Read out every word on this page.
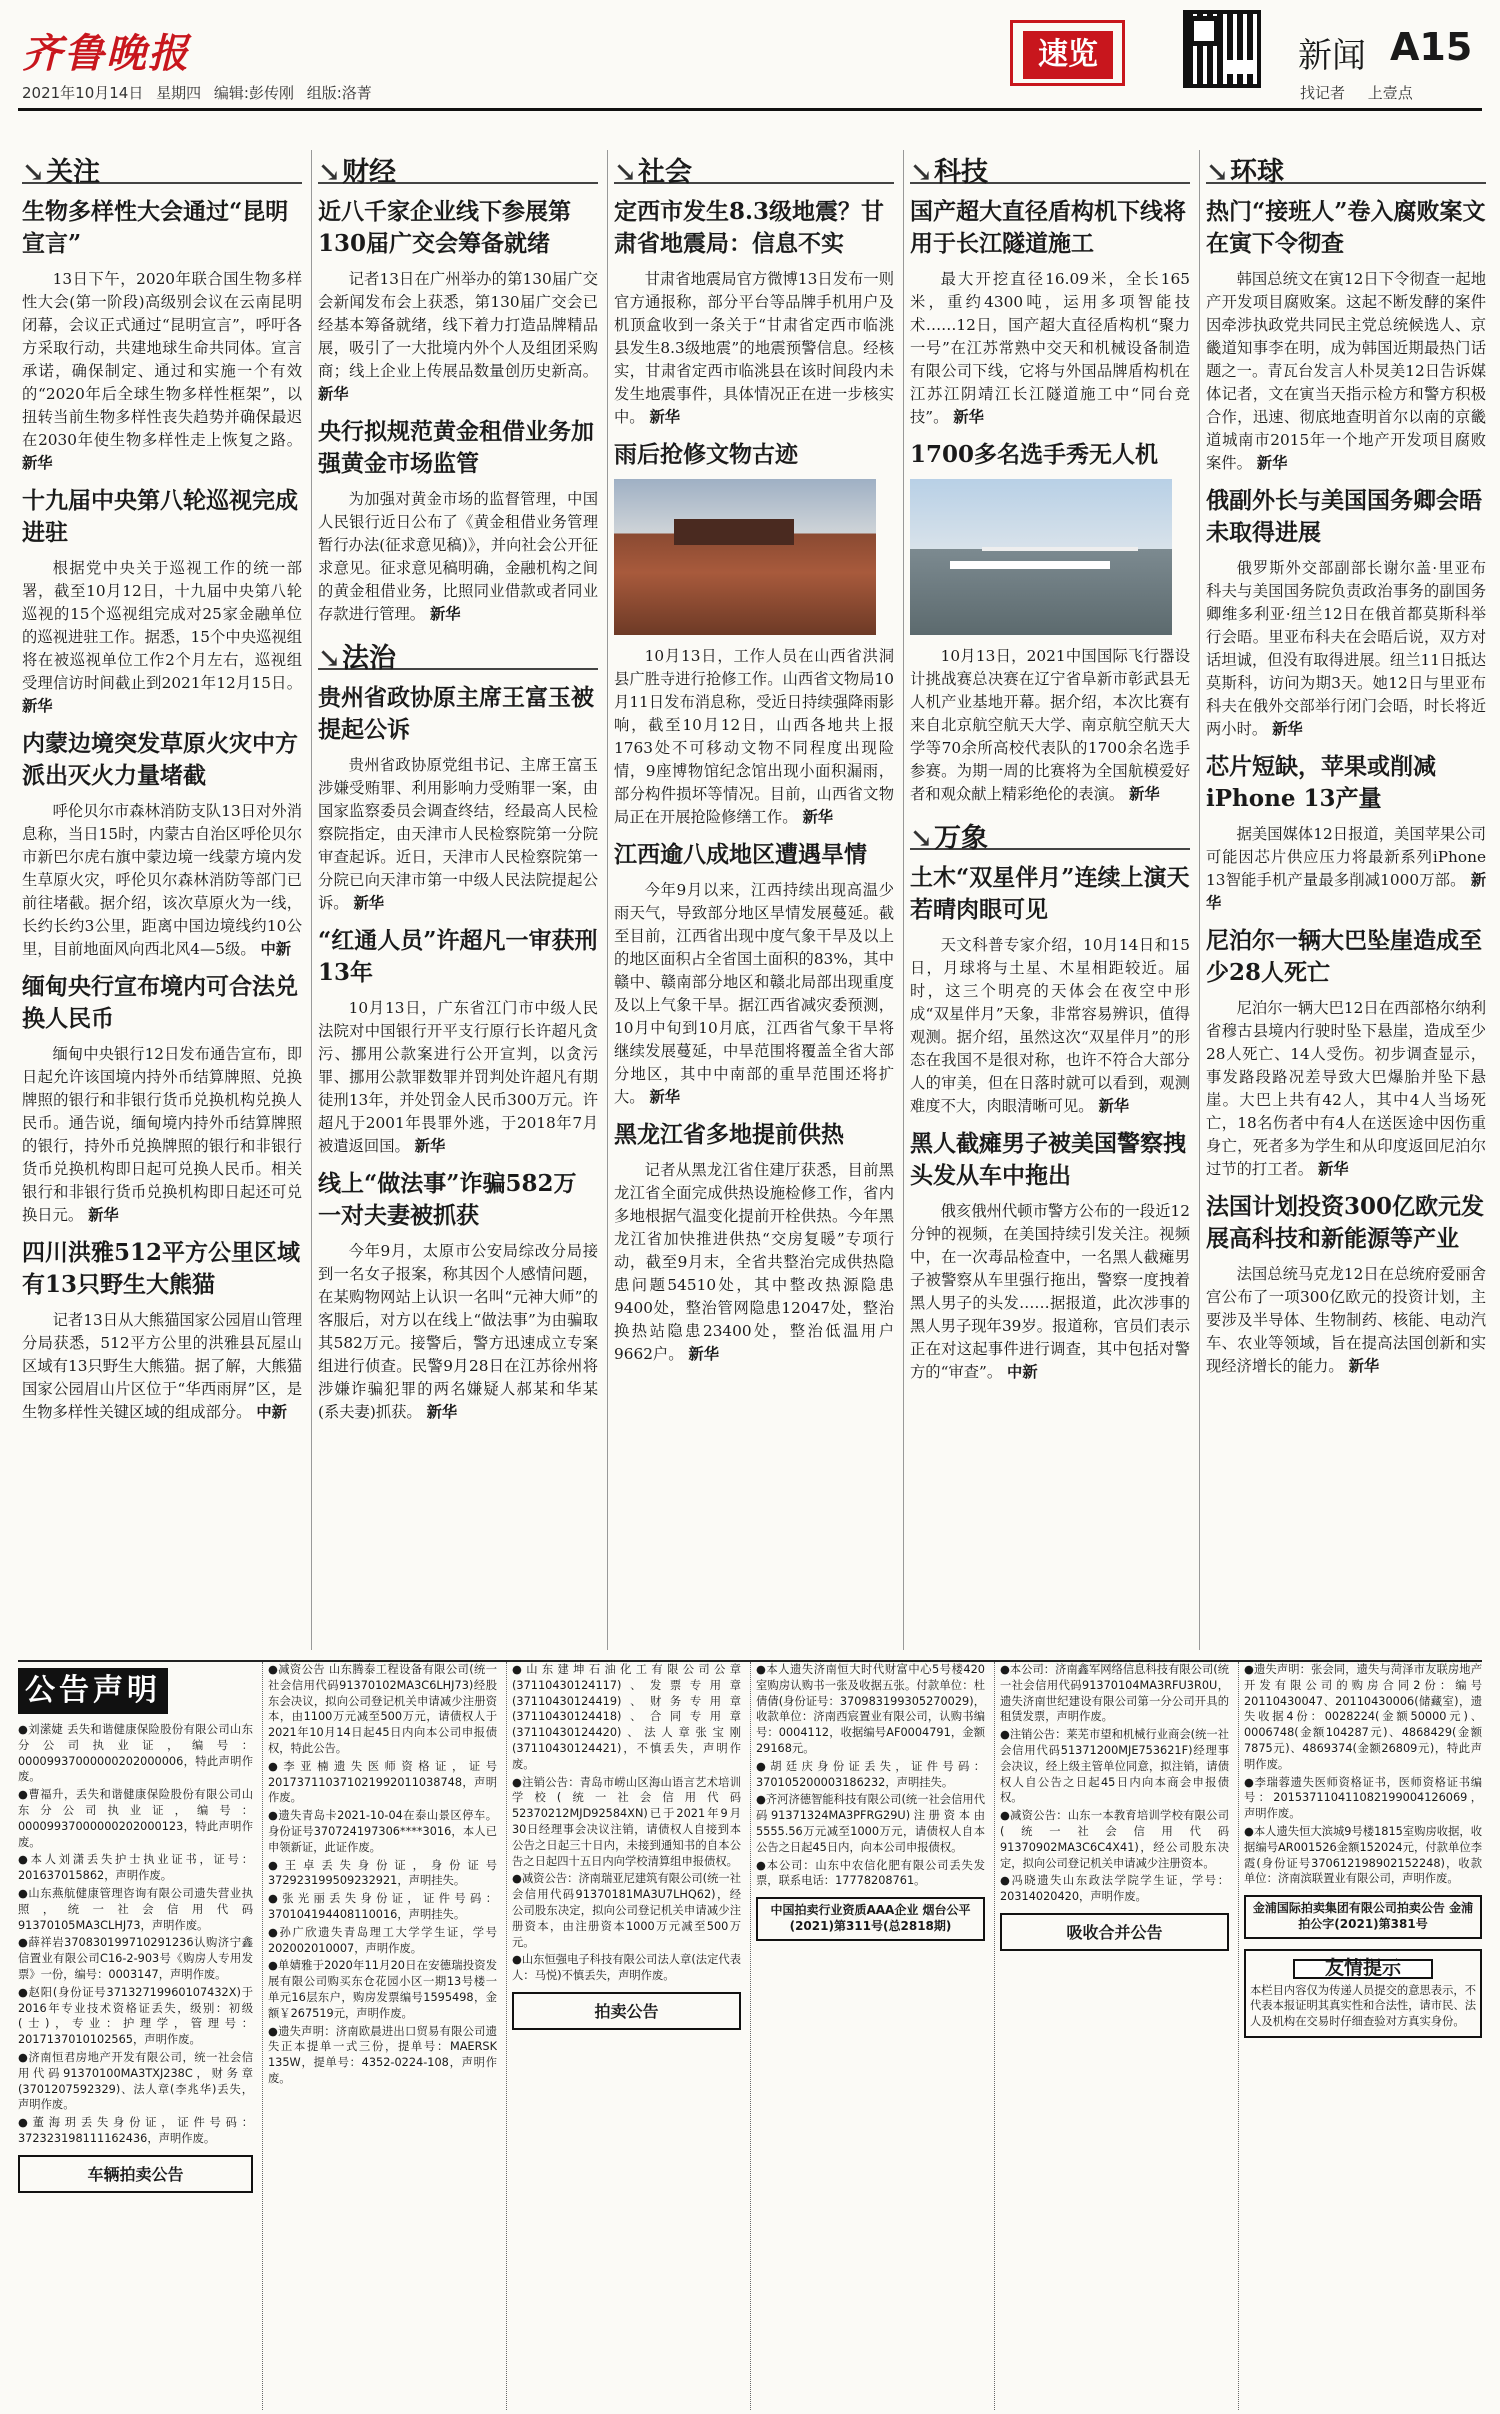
齐鲁晚报
2021年10月14日 星期四 编辑:彭传刚 组版:洛菁
速览	新闻 A15
找记者 上壹点
↘关注
生物多样性大会通过“昆明宣言”
13日下午，2020年联合国生物多样性大会(第一阶段)高级别会议在云南昆明闭幕，会议正式通过“昆明宣言”，呼吁各方采取行动，共建地球生命共同体。宣言承诺，确保制定、通过和实施一个有效的“2020年后全球生物多样性框架”，以扭转当前生物多样性丧失趋势并确保最迟在2030年使生物多样性走上恢复之路。 新华
十九届中央第八轮巡视完成进驻
根据党中央关于巡视工作的统一部署，截至10月12日，十九届中央第八轮巡视的15个巡视组完成对25家金融单位的巡视进驻工作。据悉，15个中央巡视组将在被巡视单位工作2个月左右，巡视组受理信访时间截止到2021年12月15日。 新华
内蒙边境突发草原火灾中方派出灭火力量堵截
呼伦贝尔市森林消防支队13日对外消息称，当日15时，内蒙古自治区呼伦贝尔市新巴尔虎右旗中蒙边境一线蒙方境内发生草原火灾，呼伦贝尔森林消防等部门已前往堵截。据介绍，该次草原火为一线，长约长约3公里，距离中国边境线约10公里，目前地面风向西北风4—5级。 中新
缅甸央行宣布境内可合法兑换人民币
缅甸中央银行12日发布通告宣布，即日起允许该国境内持外币结算牌照、兑换牌照的银行和非银行货币兑换机构兑换人民币。通告说，缅甸境内持外币结算牌照的银行，持外币兑换牌照的银行和非银行货币兑换机构即日起可兑换人民币。相关银行和非银行货币兑换机构即日起还可兑换日元。 新华
四川洪雅512平方公里区域有13只野生大熊猫
记者13日从大熊猫国家公园眉山管理分局获悉，512平方公里的洪雅县瓦屋山区域有13只野生大熊猫。据了解，大熊猫国家公园眉山片区位于“华西雨屏”区，是生物多样性关键区域的组成部分。 中新
↘财经
近八千家企业线下参展第130届广交会筹备就绪
记者13日在广州举办的第130届广交会新闻发布会上获悉，第130届广交会已经基本筹备就绪，线下着力打造品牌精品展，吸引了一大批境内外个人及组团采购商；线上企业上传展品数量创历史新高。 新华
央行拟规范黄金租借业务加强黄金市场监管
为加强对黄金市场的监督管理，中国人民银行近日公布了《黄金租借业务管理暂行办法(征求意见稿)》，并向社会公开征求意见。征求意见稿明确，金融机构之间的黄金租借业务，比照同业借款或者同业存款进行管理。 新华
↘法治
贵州省政协原主席王富玉被提起公诉
贵州省政协原党组书记、主席王富玉涉嫌受贿罪、利用影响力受贿罪一案，由国家监察委员会调查终结，经最高人民检察院指定，由天津市人民检察院第一分院审查起诉。近日，天津市人民检察院第一分院已向天津市第一中级人民法院提起公诉。 新华
“红通人员”许超凡一审获刑13年
10月13日，广东省江门市中级人民法院对中国银行开平支行原行长许超凡贪污、挪用公款案进行公开宣判，以贪污罪、挪用公款罪数罪并罚判处许超凡有期徒刑13年，并处罚金人民币300万元。许超凡于2001年畏罪外逃，于2018年7月被遣返回国。 新华
线上“做法事”诈骗582万一对夫妻被抓获
今年9月，太原市公安局综改分局接到一名女子报案，称其因个人感情问题，在某购物网站上认识一名叫“元神大师”的客服后，对方以在线上“做法事”为由骗取其582万元。接警后，警方迅速成立专案组进行侦查。民警9月28日在江苏徐州将涉嫌诈骗犯罪的两名嫌疑人郝某和华某(系夫妻)抓获。 新华
↘社会
定西市发生8.3级地震？甘肃省地震局：信息不实
甘肃省地震局官方微博13日发布一则官方通报称，部分平台等品牌手机用户及机顶盒收到一条关于“甘肃省定西市临洮县发生8.3级地震”的地震预警信息。经核实，甘肃省定西市临洮县在该时间段内未发生地震事件，具体情况正在进一步核实中。 新华
雨后抢修文物古迹
10月13日，工作人员在山西省洪洞县广胜寺进行抢修工作。山西省文物局10月11日发布消息称，受近日持续强降雨影响，截至10月12日，山西各地共上报1763处不可移动文物不同程度出现险情，9座博物馆纪念馆出现小面积漏雨，部分构件损坏等情况。目前，山西省文物局正在开展抢险修缮工作。 新华
江西逾八成地区遭遇旱情
今年9月以来，江西持续出现高温少雨天气，导致部分地区旱情发展蔓延。截至目前，江西省出现中度气象干旱及以上的地区面积占全省国土面积的83%，其中赣中、赣南部分地区和赣北局部出现重度及以上气象干旱。据江西省减灾委预测，10月中旬到10月底，江西省气象干旱将继续发展蔓延，中旱范围将覆盖全省大部分地区，其中中南部的重旱范围还将扩大。 新华
黑龙江省多地提前供热
记者从黑龙江省住建厅获悉，目前黑龙江省全面完成供热设施检修工作，省内多地根据气温变化提前开栓供热。今年黑龙江省加快推进供热“交房复暖”专项行动，截至9月末，全省共整治完成供热隐患问题54510处，其中整改热源隐患9400处，整治管网隐患12047处，整治换热站隐患23400处，整治低温用户9662户。 新华
↘科技
国产超大直径盾构机下线将用于长江隧道施工
最大开挖直径16.09米，全长165米，重约4300吨，运用多项智能技术……12日，国产超大直径盾构机“聚力一号”在江苏常熟中交天和机械设备制造有限公司下线，它将与外国品牌盾构机在江苏江阴靖江长江隧道施工中“同台竞技”。 新华
1700多名选手秀无人机
10月13日，2021中国国际飞行器设计挑战赛总决赛在辽宁省阜新市彰武县无人机产业基地开幕。据介绍，本次比赛有来自北京航空航天大学、南京航空航天大学等70余所高校代表队的1700余名选手参赛。为期一周的比赛将为全国航模爱好者和观众献上精彩绝伦的表演。 新华
↘万象
土木“双星伴月”连续上演天若晴肉眼可见
天文科普专家介绍，10月14日和15日，月球将与土星、木星相距较近。届时，这三个明亮的天体会在夜空中形成“双星伴月”天象，非常容易辨识，值得观测。据介绍，虽然这次“双星伴月”的形态在我国不是很对称，也许不符合大部分人的审美，但在日落时就可以看到，观测难度不大，肉眼清晰可见。 新华
黑人截瘫男子被美国警察拽头发从车中拖出
俄亥俄州代顿市警方公布的一段近12分钟的视频，在美国持续引发关注。视频中，在一次毒品检查中，一名黑人截瘫男子被警察从车里强行拖出，警察一度拽着黑人男子的头发……据报道，此次涉事的黑人男子现年39岁。报道称，官员们表示正在对这起事件进行调查，其中包括对警方的“审查”。 中新
↘环球
热门“接班人”卷入腐败案文在寅下令彻查
韩国总统文在寅12日下令彻查一起地产开发项目腐败案。这起不断发酵的案件因牵涉执政党共同民主党总统候选人、京畿道知事李在明，成为韩国近期最热门话题之一。青瓦台发言人朴炅美12日告诉媒体记者，文在寅当天指示检方和警方积极合作，迅速、彻底地查明首尔以南的京畿道城南市2015年一个地产开发项目腐败案件。 新华
俄副外长与美国国务卿会晤未取得进展
俄罗斯外交部副部长谢尔盖·里亚布科夫与美国国务院负责政治事务的副国务卿维多利亚·纽兰12日在俄首都莫斯科举行会晤。里亚布科夫在会晤后说，双方对话坦诚，但没有取得进展。纽兰11日抵达莫斯科，访问为期3天。她12日与里亚布科夫在俄外交部举行闭门会晤，时长将近两小时。 新华
芯片短缺，苹果或削减iPhone 13产量
据美国媒体12日报道，美国苹果公司可能因芯片供应压力将最新系列iPhone 13智能手机产量最多削减1000万部。 新华
尼泊尔一辆大巴坠崖造成至少28人死亡
尼泊尔一辆大巴12日在西部格尔纳利省穆古县境内行驶时坠下悬崖，造成至少28人死亡、14人受伤。初步调查显示，事发路段路况差导致大巴爆胎并坠下悬崖。大巴上共有42人，其中4人当场死亡，18名伤者中有4人在送医途中因伤重身亡，死者多为学生和从印度返回尼泊尔过节的打工者。 新华
法国计划投资300亿欧元发展高科技和新能源等产业
法国总统马克龙12日在总统府爱丽舍宫公布了一项300亿欧元的投资计划，主要涉及半导体、生物制药、核能、电动汽车、农业等领域，旨在提高法国创新和实现经济增长的能力。 新华
公告声明
●刘潆婕 丢失和谐健康保险股份有限公司山东分公司执业证，编号：00009937000000202000006，特此声明作废。
●曹福升，丢失和谐健康保险股份有限公司山东分公司执业证，编号：00009937000000202000123，特此声明作废。
●本人刘潇丢失护士执业证书，证号：201637015862，声明作废。
●山东燕航健康管理咨询有限公司遗失营业执照，统一社会信用代码91370105MA3CLHJ73，声明作废。
●薛祥岩370830199710291236认购济宁鑫信置业有限公司C16-2-903号《购房人专用发票》一份，编号：0003147，声明作废。
●赵阳(身份证号37132719960107432X)于2016年专业技术资格证丢失，级别：初级(士)，专业：护理学，管理号：2017137010102565，声明作废。
●济南恒君房地产开发有限公司，统一社会信用代码91370100MA3TXJ238C，财务章(3701207592329)、法人章(李兆华)丢失，声明作废。
●董海玥丢失身份证，证件号码：372323198111162436，声明作废。
车辆拍卖公告
●减资公告 山东腾泰工程设备有限公司(统一社会信用代码91370102MA3C6LHJ73)经股东会决议，拟向公司登记机关申请减少注册资本，由1100万元减至500万元，请债权人于2021年10月14日起45日内向本公司申报债权，特此公告。
●李亚楠遗失医师资格证，证号201737110371021992011038748，声明作废。
●遗失青岛卡2021-10-04在泰山景区停车。身份证号370724197306****3016，本人已申领新证，此证作废。
●王卓丢失身份证，身份证号372923199509232921，声明挂失。
●张光丽丢失身份证，证件号码：370104194408110016，声明挂失。
●孙广欣遗失青岛理工大学学生证，学号202002010007，声明作废。
●单婧雅于2020年11月20日在安德瑞投资发展有限公司购买东仓花园小区一期13号楼一单元16层东户，购房发票编号1595498，金额￥267519元，声明作废。
●遗失声明：济南欧晨进出口贸易有限公司遗失正本提单一式三份，提单号：MAERSK 135W，提单号：4352-0224-108，声明作废。
●山东建坤石油化工有限公司公章(37110430124117)、发票专用章(37110430124419)、财务专用章(37110430124418)、合同专用章(37110430124420)、法人章张宝刚(37110430124421)，不慎丢失，声明作废。
●注销公告：青岛市崂山区海山语言艺术培训学校(统一社会信用代码52370212MJD92584XN)已于2021年9月30日经理事会决议注销，请债权人自接到本公告之日起三十日内，未接到通知书的自本公告之日起四十五日内向学校清算组申报债权。
●减资公告：济南瑞亚尼建筑有限公司(统一社会信用代码91370181MA3U7LHQ62)，经公司股东决定，拟向公司登记机关申请减少注册资本，由注册资本1000万元减至500万元。
●山东恒强电子科技有限公司法人章(法定代表人：马悦)不慎丢失，声明作废。
拍卖公告
●本人遗失济南恒大时代财富中心5号楼420室购房认购书一张及收据五张。付款单位：杜倩倩(身份证号：370983199305270029)，收款单位：济南西宸置业有限公司，认购书编号：0004112，收据编号AF0004791，金额29168元。
●胡廷庆身份证丢失，证件号码：370105200003186232，声明挂失。
●齐河济德智能科技有限公司(统一社会信用代码91371324MA3PFRG29U)注册资本由5555.56万元减至1000万元，请债权人自本公告之日起45日内，向本公司申报债权。
●本公司：山东中农信化肥有限公司丢失发票，联系电话：17778208761。
中国拍卖行业资质AAA企业 烟台公平(2021)第311号(总2818期)
●本公司：济南鑫军网络信息科技有限公司(统一社会信用代码91370104MA3RFU3R0U，遗失济南世纪建设有限公司第一分公司开具的租赁发票，声明作废。
●注销公告：莱芜市望和机械行业商会(统一社会信用代码51371200MJE753621F)经理事会决议，经上级主管单位同意，拟注销，请债权人自公告之日起45日内向本商会申报债权。
●减资公告：山东一本教育培训学校有限公司(统一社会信用代码91370902MA3C6C4X41)，经公司股东决定，拟向公司登记机关申请减少注册资本。
●冯晓遗失山东政法学院学生证，学号：20314020420，声明作废。
吸收合并公告
●遗失声明：张会同，遗失与菏泽市友联房地产开发有限公司的购房合同2份：编号20110430047、20110430006(储藏室)，遗失收据4份：0028224(金额50000元)、0006748(金额104287元)、4868429(金额7875元)、4869374(金额26809元)，特此声明作废。
●李瑞蓉遗失医师资格证书，医师资格证书编号：201537110411082199004126069，声明作废。
●本人遗失恒大滨城9号楼1815室购房收据，收据编号AR001526金额152024元，付款单位李霞(身份证号370612198902152248)，收款单位：济南滨联置业有限公司，声明作废。
金浦国际拍卖集团有限公司拍卖公告 金浦拍公字(2021)第381号
友情提示
本栏目内容仅为传递人员提交的意思表示，不代表本报证明其真实性和合法性，请市民、法人及机构在交易时仔细查验对方真实身份。
